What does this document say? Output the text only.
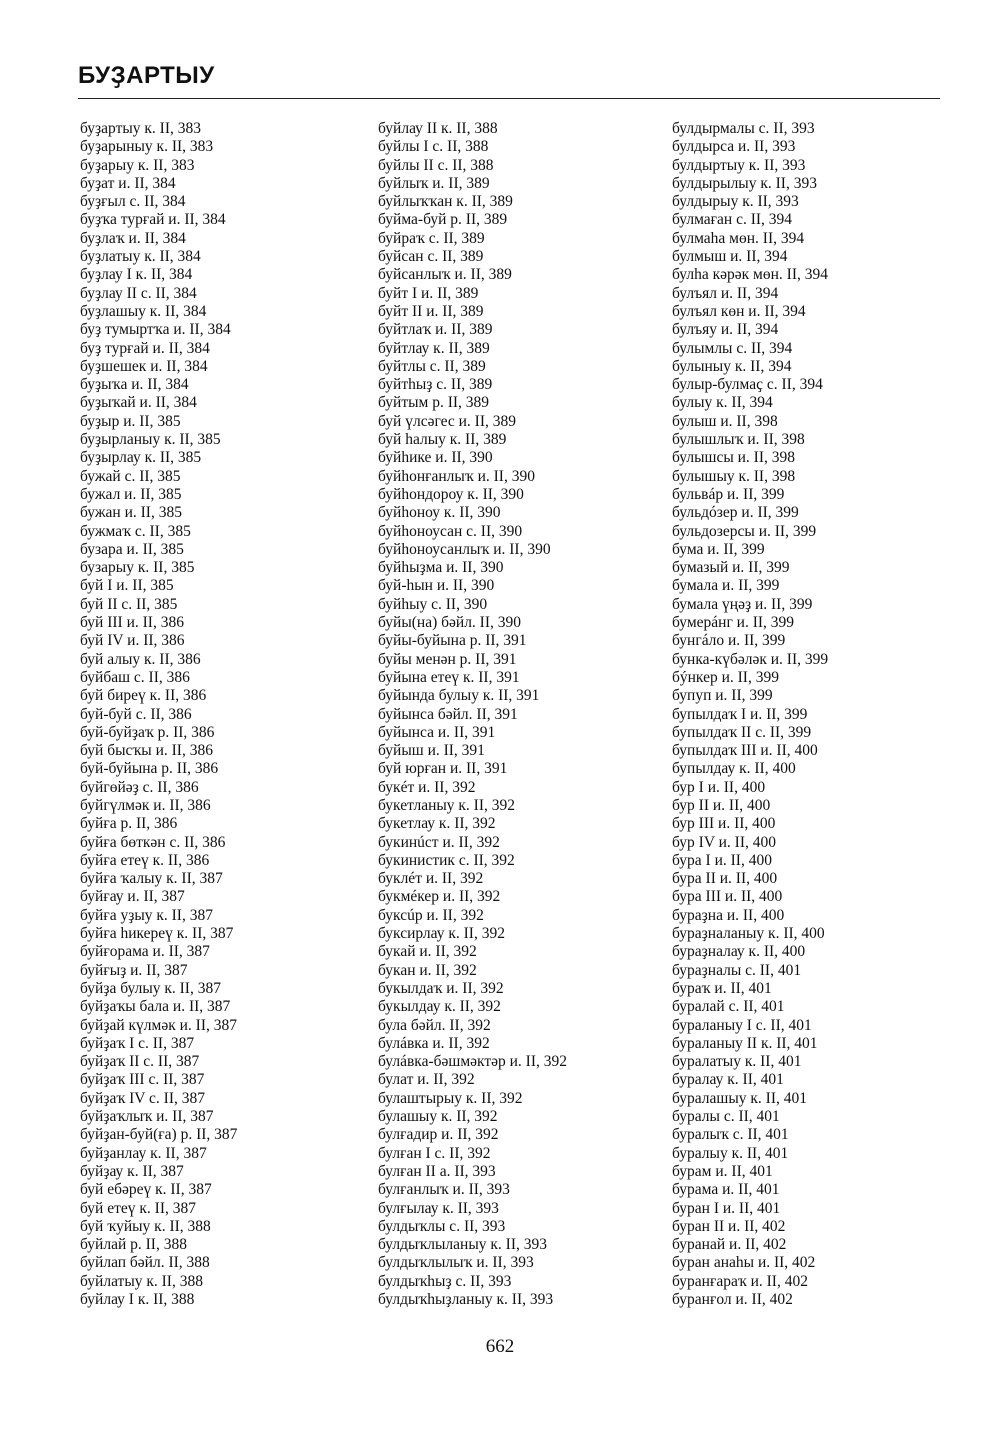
БУҘАРТЫУ
буҙартыу к. II, 383
буҙарыныу к. II, 383
буҙарыу к. II, 383
буҙат и. II, 384
буҙғыл с. II, 384
буҙҡа турғай и. II, 384
буҙлаҡ и. II, 384
буҙлатыу к. II, 384
буҙлау I к. II, 384
буҙлау II с. II, 384
буҙлашыу к. II, 384
буҙ тумыртҡа и. II, 384
буҙ турғай и. II, 384
буҙшешек и. II, 384
буҙыҡа и. II, 384
буҙыҡай и. II, 384
буҙыр и. II, 385
буҙырланыу к. II, 385
буҙырлау к. II, 385
бужай с. II, 385
бужал и. II, 385
бужан и. II, 385
бужмаҡ с. II, 385
бузара и. II, 385
бузарыу к. II, 385
буй I и. II, 385
буй II с. II, 385
буй III и. II, 386
буй IV и. II, 386
буй алыу к. II, 386
буйбаш с. II, 386
буй биреү к. II, 386
буй-буй с. II, 386
буй-буйҙаҡ р. II, 386
буй бысҡы и. II, 386
буй-буйына р. II, 386
буйгөйәҙ с. II, 386
буйгүлмәк и. II, 386
буйға р. II, 386
буйға бөткән с. II, 386
буйға етеү к. II, 386
буйға ҡалыу к. II, 387
буйғау и. II, 387
буйға уҙыу к. II, 387
буйға һикереү к. II, 387
буйғорама и. II, 387
буйғыҙ и. II, 387
буйҙа булыу к. II, 387
буйҙаҡы бала и. II, 387
буйҙай күлмәк и. II, 387
буйҙаҡ I с. II, 387
буйҙаҡ II с. II, 387
буйҙаҡ III с. II, 387
буйҙаҡ IV с. II, 387
буйҙаҡлыҡ и. II, 387
буйҙан-буй(ға) р. II, 387
буйҙанлау к. II, 387
буйҙау к. II, 387
буй ебәреү к. II, 387
буй етеү к. II, 387
буй ҡуйыу к. II, 388
буйлай р. II, 388
буйлап бәйл. II, 388
буйлатыу к. II, 388
буйлау I к. II, 388
буйлау II к. II, 388
буйлы I с. II, 388
буйлы II с. II, 388
буйлыҡ и. II, 389
буйлыҡҡан к. II, 389
буйма-буй р. II, 389
буйраҡ с. II, 389
буйсан с. II, 389
буйсанлыҡ и. II, 389
буйт I и. II, 389
буйт II и. II, 389
буйтлаҡ и. II, 389
буйтлау к. II, 389
буйтлы с. II, 389
буйтһыҙ с. II, 389
буйтым р. II, 389
буй үлсәгес и. II, 389
буй һалыу к. II, 389
буйһике и. II, 390
буйһонғанлыҡ и. II, 390
буйһондороу к. II, 390
буйһоноу к. II, 390
буйһоноусан с. II, 390
буйһоноусанлыҡ и. II, 390
буйһыҙма и. II, 390
буй-һын и. II, 390
буйһыу с. II, 390
буйы(на) бәйл. II, 390
буйы-буйына р. II, 391
буйы менән р. II, 391
буйына етеү к. II, 391
буйында булыу к. II, 391
буйынса бәйл. II, 391
буйынса и. II, 391
буйыш и. II, 391
буй юрған и. II, 391
букéт и. II, 392
букетланыу к. II, 392
букетлау к. II, 392
букинúст и. II, 392
букинистик с. II, 392
буклéт и. II, 392
букмéкер и. II, 392
буксúр и. II, 392
буксирлау к. II, 392
букай и. II, 392
букан и. II, 392
букылдаҡ и. II, 392
букылдау к. II, 392
була бәйл. II, 392
булáвка и. II, 392
булáвка-бәшмәктәр и. II, 392
булат и. II, 392
булаштырыу к. II, 392
булашыу к. II, 392
булғадир и. II, 392
булған I с. II, 392
булған II а. II, 393
булғанлыҡ и. II, 393
булғылау к. II, 393
булдыҡлы с. II, 393
булдыҡлыланыу к. II, 393
булдыҡлылыҡ и. II, 393
булдыҡһыҙ с. II, 393
булдыҡһыҙланыу к. II, 393
булдырмалы с. II, 393
булдырса и. II, 393
булдыртыу к. II, 393
булдырылыу к. II, 393
булдырыу к. II, 393
булмаған с. II, 394
булмаһа мөн. II, 394
булмыш и. II, 394
булһа кәрәк мөн. II, 394
булъял и. II, 394
булъял көн и. II, 394
булъяу и. II, 394
булымлы с. II, 394
булыныу к. II, 394
булыр-булмаҫ с. II, 394
булыу к. II, 394
булыш и. II, 398
булышлыҡ и. II, 398
булышсы и. II, 398
булышыу к. II, 398
бульвáр и. II, 399
бульдóзер и. II, 399
бульдозерсы и. II, 399
бума и. II, 399
бумазый и. II, 399
бумала и. II, 399
бумала үңәҙ и. II, 399
бумерáнг и. II, 399
бунгáло и. II, 399
бунка-күбәләк и. II, 399
бýнкер и. II, 399
бупуп и. II, 399
бупылдаҡ I и. II, 399
бупылдаҡ II с. II, 399
бупылдаҡ III и. II, 400
бупылдау к. II, 400
бур I и. II, 400
бур II и. II, 400
бур III и. II, 400
бур IV и. II, 400
бура I и. II, 400
бура II и. II, 400
бура III и. II, 400
бураҙна и. II, 400
бураҙналаныу к. II, 400
бураҙналау к. II, 400
бураҙналы с. II, 401
бураҡ и. II, 401
буралай с. II, 401
бураланыу I с. II, 401
бураланыу II к. II, 401
буралатыу к. II, 401
буралау к. II, 401
буралашыу к. II, 401
буралы с. II, 401
буралыҡ с. II, 401
буралыу к. II, 401
бурам и. II, 401
бурама и. II, 401
буран I и. II, 401
буран II и. II, 402
буранай и. II, 402
буран анаһы и. II, 402
буранғараҡ и. II, 402
буранғол и. II, 402
662
